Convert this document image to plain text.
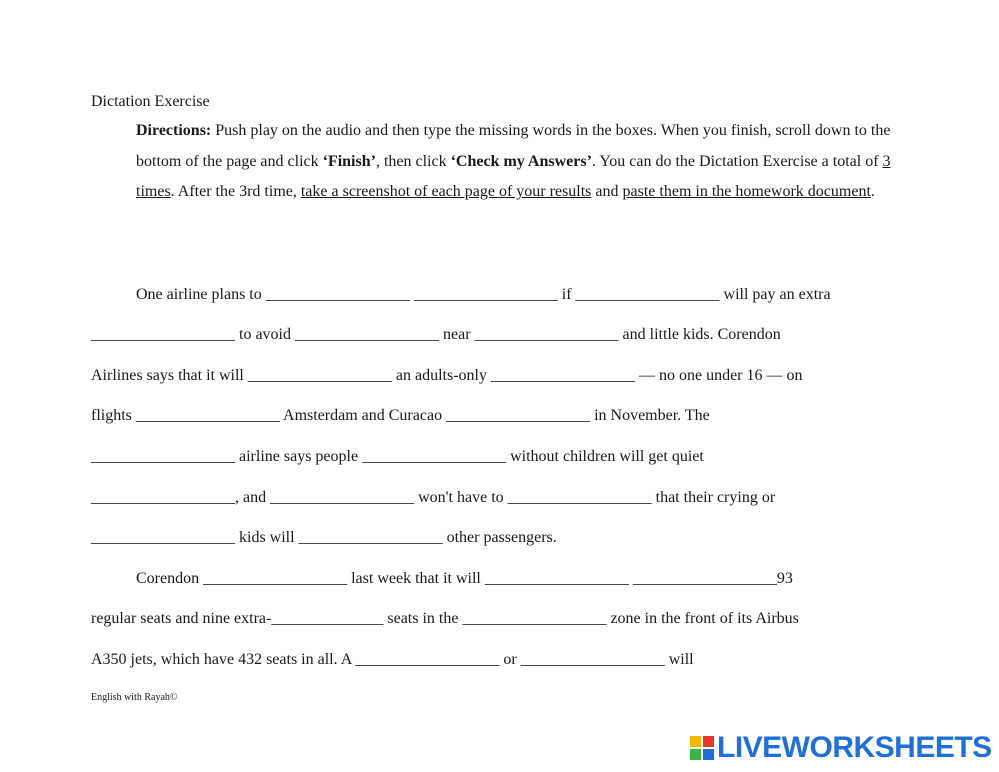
Dictation Exercise
Directions: Push play on the audio and then type the missing words in the boxes. When you finish, scroll down to the bottom of the page and click ‘Finish’, then click ‘Check my Answers’. You can do the Dictation Exercise a total of 3 times. After the 3rd time, take a screenshot of each page of your results and paste them in the homework document.
One airline plans to __________________ __________________ if __________________ will pay an extra
__________________ to avoid __________________ near __________________ and little kids. Corendon
Airlines says that it will __________________ an adults-only __________________ — no one under 16 — on
flights __________________ Amsterdam and Curacao __________________ in November. The
__________________ airline says people __________________ without children will get quiet
__________________, and __________________ won't have to __________________ that their crying or
__________________ kids will __________________ other passengers.
Corendon __________________ last week that it will __________________ __________________93
regular seats and nine extra-______________ seats in the __________________ zone in the front of its Airbus
A350 jets, which have 432 seats in all. A __________________ or __________________ will
English with Rayah©
LIVEWORKSHEETS
